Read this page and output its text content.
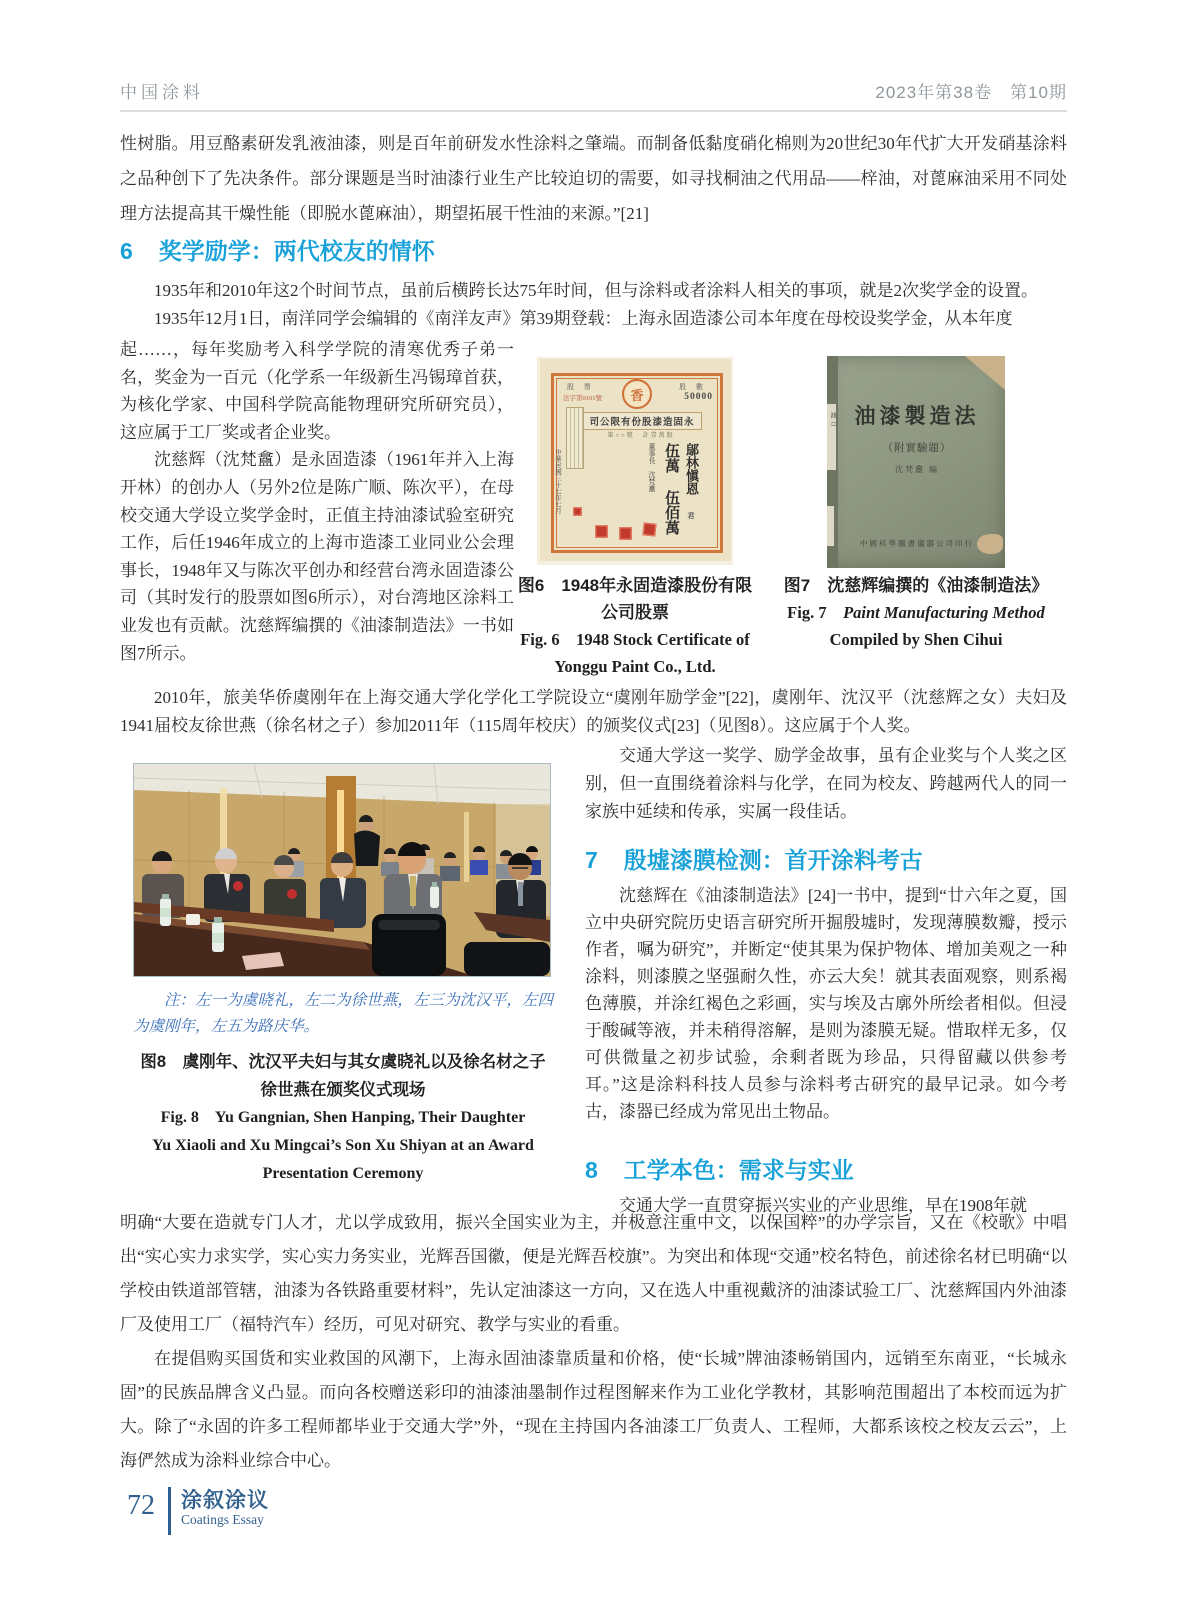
中国涂料	2023年第38卷　第10期
性树脂。用豆酪素研发乳液油漆，则是百年前研发水性涂料之肇端。而制备低黏度硝化棉则为20世纪30年代扩大开发硝基涂料之品种创下了先决条件。部分课题是当时油漆行业生产比较迫切的需要，如寻找桐油之代用品——梓油，对蓖麻油采用不同处理方法提高其干燥性能（即脱水蓖麻油），期望拓展干性油的来源。”[21]
6 奖学励学：两代校友的情怀
1935年和2010年这2个时间节点，虽前后横跨长达75年时间，但与涂料或者涂料人相关的事项，就是2次奖学金的设置。
1935年12月1日，南洋同学会编辑的《南洋友声》第39期登载：上海永固造漆公司本年度在母校设奖学金，从本年度

起……，每年奖励考入科学学院的清寒优秀子弟一名，奖金为一百元（化学系一年级新生冯锡璋首获，为核化学家、中国科学院高能物理研究所研究员），这应属于工厂奖或者企业奖。

沈慈辉（沈梵盫）是永固造漆（1961年并入上海开林）的创办人（另外2位是陈广顺、陈次平），在母校交通大学设立奖学金时，正值主持油漆试验室研究工作，后任1946年成立的上海市造漆工业同业公会理事长，1948年又与陈次平创办和经营台湾永固造漆公司（其时发行的股票如图6所示），对台湾地区涂料工业发也有贡献。沈慈辉编撰的《油漆制造法》一书如图7所示。

香
股 票
法字第0101號
股 數
50000
司公限有份股漆造固永
第○○號　計壹萬股
中華民國三十七年七月	鄔林愼恩 君 伍萬 伍佰萬 董事長　沈梵盫
油（） 油漆製造法
（附實驗題）
沈梵盫 編
中國科學圖書儀器公司印行
图6　1948年永固造漆股份有限
公司股票
Fig. 6　1948 Stock Certificate of
Yonggu Paint Co., Ltd.
图7　沈慈辉编撰的《油漆制造法》
Fig. 7　Paint Manufacturing Method
Compiled by Shen Cihui
2010年，旅美华侨虞刚年在上海交通大学化学化工学院设立“虞刚年励学金”[22]，虞刚年、沈汉平（沈慈辉之女）夫妇及1941届校友徐世燕（徐名材之子）参加2011年（115周年校庆）的颁奖仪式[23]（见图8）。这应属于个人奖。
注：左一为虞晓礼，左二为徐世燕，左三为沈汉平，左四为虞刚年，左五为路庆华。
图8　虞刚年、沈汉平夫妇与其女虞晓礼以及徐名材之子
徐世燕在颁奖仪式现场
Fig. 8　Yu Gangnian, Shen Hanping, Their Daughter
Yu Xiaoli and Xu Mingcai’s Son Xu Shiyan at an Award
Presentation Ceremony
交通大学这一奖学、励学金故事，虽有企业奖与个人奖之区别，但一直围绕着涂料与化学，在同为校友、跨越两代人的同一家族中延续和传承，实属一段佳话。
7 殷墟漆膜检测：首开涂料考古
沈慈辉在《油漆制造法》[24]一书中，提到“廿六年之夏，国立中央研究院历史语言研究所开掘殷墟时，发现薄膜数瓣，授示作者，嘱为研究”，并断定“使其果为保护物体、增加美观之一种涂料，则漆膜之坚强耐久性，亦云大矣！就其表面观察，则系褐色薄膜，并涂红褐色之彩画，实与埃及古廓外所绘者相似。但浸于酸碱等液，并未稍得溶解，是则为漆膜无疑。惜取样无多，仅可供微量之初步试验，余剩者既为珍品，只得留藏以供参考耳。”这是涂料科技人员参与涂料考古研究的最早记录。如今考古，漆器已经成为常见出土物品。
8 工学本色：需求与实业
交通大学一直贯穿振兴实业的产业思维，早在1908年就
明确“大要在造就专门人才，尤以学成致用，振兴全国实业为主，并极意注重中文，以保国粹”的办学宗旨，又在《校歌》中唱出“实心实力求实学，实心实力务实业，光辉吾国徽，便是光辉吾校旗”。为突出和体现“交通”校名特色，前述徐名材已明确“以学校由铁道部管辖，油漆为各铁路重要材料”，先认定油漆这一方向，又在选人中重视戴济的油漆试验工厂、沈慈辉国内外油漆厂及使用工厂（福特汽车）经历，可见对研究、教学与实业的看重。
在提倡购买国货和实业救国的风潮下，上海永固油漆靠质量和价格，使“长城”牌油漆畅销国内，远销至东南亚，“长城永固”的民族品牌含义凸显。而向各校赠送彩印的油漆油墨制作过程图解来作为工业化学教材，其影响范围超出了本校而远为扩大。除了“永固的许多工程师都毕业于交通大学”外，“现在主持国内各油漆工厂负责人、工程师，大都系该校之校友云云”，上海俨然成为涂料业综合中心。
72 涂叙涂议
Coatings Essay
